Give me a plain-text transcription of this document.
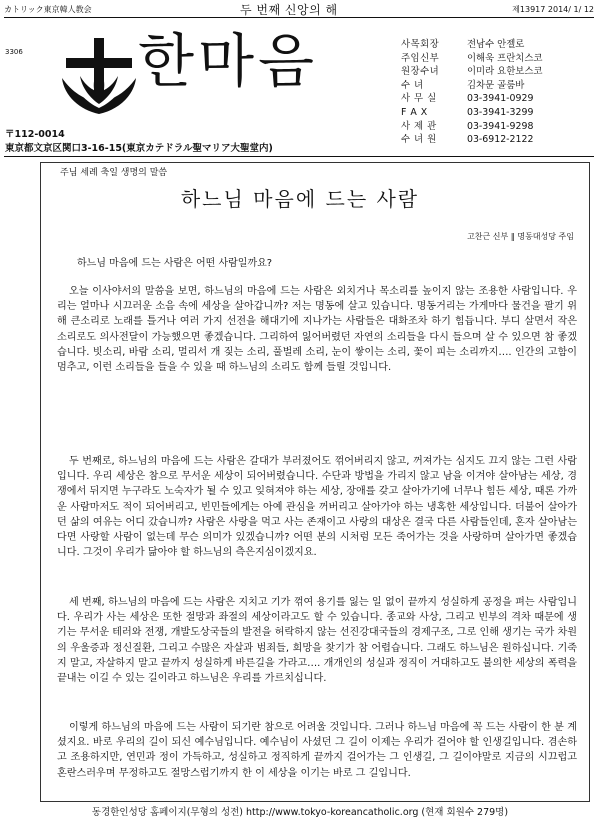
カトリック東京韓人教会	두 번째 신앙의 해	제13917 2014/ 1/ 12
3306 한마음	사목회장	전남수 안젤로
주임신부	이해욱 프란치스코
원장수녀	이미라 요한보스코
수 녀	김차문 골룸바
사 무 실	03-3941-0929
F A X	03-3941-3299
사 제 관	03-3941-9298
수 녀 원	03-6912-2122
〒112-0014
東京都文京区関口3-16-15(東京カテドラル聖マリア大聖堂内)
주님 세례 축일 생명의 말씀
하느님 마음에 드는 사람
고찬근 신부 ‖ 명동대성당 주임
하느님 마음에 드는 사람은 어떤 사람일까요?

오늘 이사야서의 말씀을 보면, 하느님의 마음에 드는 사람은 외치거나 목소리를 높이지 않는 조용한 사람입니다. 우리는 얼마나 시끄러운 소음 속에 세상을 살아갑니까? 저는 명동에 살고 있습니다. 명동거리는 가게마다 물건을 팔기 위해 큰소리로 노래를 틀거나 여러 가지 선전을 해대기에 지나가는 사람들은 대화조차 하기 힘듭니다. 부디 살면서 작은 소리로도 의사전달이 가능했으면 좋겠습니다. 그리하여 잃어버렸던 자연의 소리들을 다시 들으며 살 수 있으면 참 좋겠습니다. 빗소리, 바람 소리, 멀리서 개 짖는 소리, 풀벌레 소리, 눈이 쌓이는 소리, 꽃이 피는 소리까지…. 인간의 고함이 멈추고, 이런 소리들을 들을 수 있을 때 하느님의 소리도 함께 들릴 것입니다.

두 번째로, 하느님의 마음에 드는 사람은 갈대가 부러졌어도 꺾어버리지 않고, 꺼져가는 심지도 끄지 않는 그런 사람입니다. 우리 세상은 참으로 무서운 세상이 되어버렸습니다. 수단과 방법을 가리지 않고 남을 이겨야 살아남는 세상, 경쟁에서 뒤지면 누구라도 노숙자가 될 수 있고 잊혀져야 하는 세상, 장애를 갖고 살아가기에 너무나 힘든 세상, 때론 가까운 사람마저도 적이 되어버리고, 빈민들에게는 아예 관심을 꺼버리고 살아가야 하는 냉혹한 세상입니다. 더불어 살아가던 삶의 여유는 어디 갔습니까? 사람은 사랑을 먹고 사는 존재이고 사랑의 대상은 결국 다른 사람들인데, 혼자 살아남는다면 사랑할 사람이 없는데 무슨 의미가 있겠습니까? 어떤 분의 시처럼 모든 죽어가는 것을 사랑하며 살아가면 좋겠습니다. 그것이 우리가 닮아야 할 하느님의 측은지심이겠지요.

세 번째, 하느님의 마음에 드는 사람은 지치고 기가 꺾여 용기를 잃는 일 없이 끝까지 성실하게 공정을 펴는 사람입니다. 우리가 사는 세상은 또한 절망과 좌절의 세상이라고도 할 수 있습니다. 종교와 사상, 그리고 빈부의 격차 때문에 생기는 무서운 테러와 전쟁, 개발도상국들의 발전을 허락하지 않는 선진강대국들의 경제구조, 그로 인해 생기는 국가 차원의 우울증과 정신질환, 그리고 수많은 자살과 범죄들, 희망을 찾기가 참 어렵습니다. 그래도 하느님은 원하십니다. 기죽지 말고, 자살하지 말고 끝까지 성실하게 바른길을 가라고…. 개개인의 성실과 정직이 거대하고도 불의한 세상의 폭력을 끝내는 이길 수 있는 길이라고 하느님은 우리를 가르치십니다.

이렇게 하느님의 마음에 드는 사람이 되기란 참으로 어려울 것입니다. 그러나 하느님 마음에 꼭 드는 사람이 한 분 계셨지요. 바로 우리의 길이 되신 예수님입니다. 예수님이 사셨던 그 길이 이제는 우리가 걸어야 할 인생길입니다. 겸손하고 조용하지만, 연민과 정이 가득하고, 성실하고 정직하게 끝까지 걸어가는 그 인생길, 그 길이야말로 지금의 시끄럽고 혼란스러우며 무정하고도 절망스럽기까지 한 이 세상을 이기는 바로 그 길입니다.

동경한인성당 홈페이지(무형의 성전) http://www.tokyo-koreancatholic.org (현재 회원수 279명)
